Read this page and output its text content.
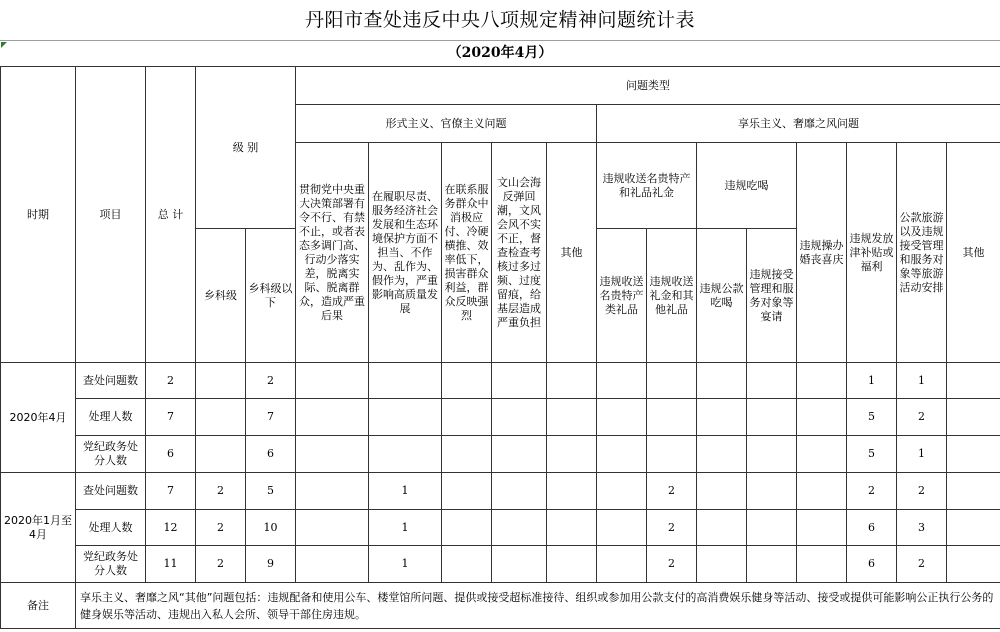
丹阳市查处违反中央八项规定精神问题统计表
（2020年4月）
时期	项目	总 计	级 别		问题类型												
					形式主义、官僚主义问题					享乐主义、奢靡之风问题							
					贯彻党中央重大决策部署有令不行、有禁不止，或者表态多调门高、行动少落实差，脱离实际、脱离群众，造成严重后果	在履职尽责、服务经济社会发展和生态环境保护方面不担当、不作为、乱作为、假作为，严重影响高质量发展	在联系服务群众中消极应付、冷硬横推、效率低下，损害群众利益，群众反映强烈	文山会海反弹回潮，文风会风不实不正，督查检查考核过多过频、过度留痕，给基层造成严重负担	其他	违规收送名贵特产和礼品礼金		违规吃喝		违规操办婚丧喜庆	违规发放津补贴或福利	公款旅游以及违规接受管理和服务对象等旅游活动安排	其他
			乡科级	乡科级以下						违规收送名贵特产类礼品	违规收送礼金和其他礼品	违规公款吃喝	违规接受管理和服务对象等宴请				
2020年4月	查处问题数	2		2											1	1	
	处理人数	7		7											5	2	
	党纪政务处分人数	6		6											5	1	
2020年1月至4月	查处问题数	7	2	5		1					2				2	2	
	处理人数	12	2	10		1					2				6	3	
	党纪政务处分人数	11	2	9		1					2				6	2	
备注	享乐主义、奢靡之风“其他”问题包括：违规配备和使用公车、楼堂馆所问题、提供或接受超标准接待、组织或参加用公款支付的高消费娱乐健身等活动、接受或提供可能影响公正执行公务的健身娱乐等活动、违规出入私人会所、领导干部住房违规。																
